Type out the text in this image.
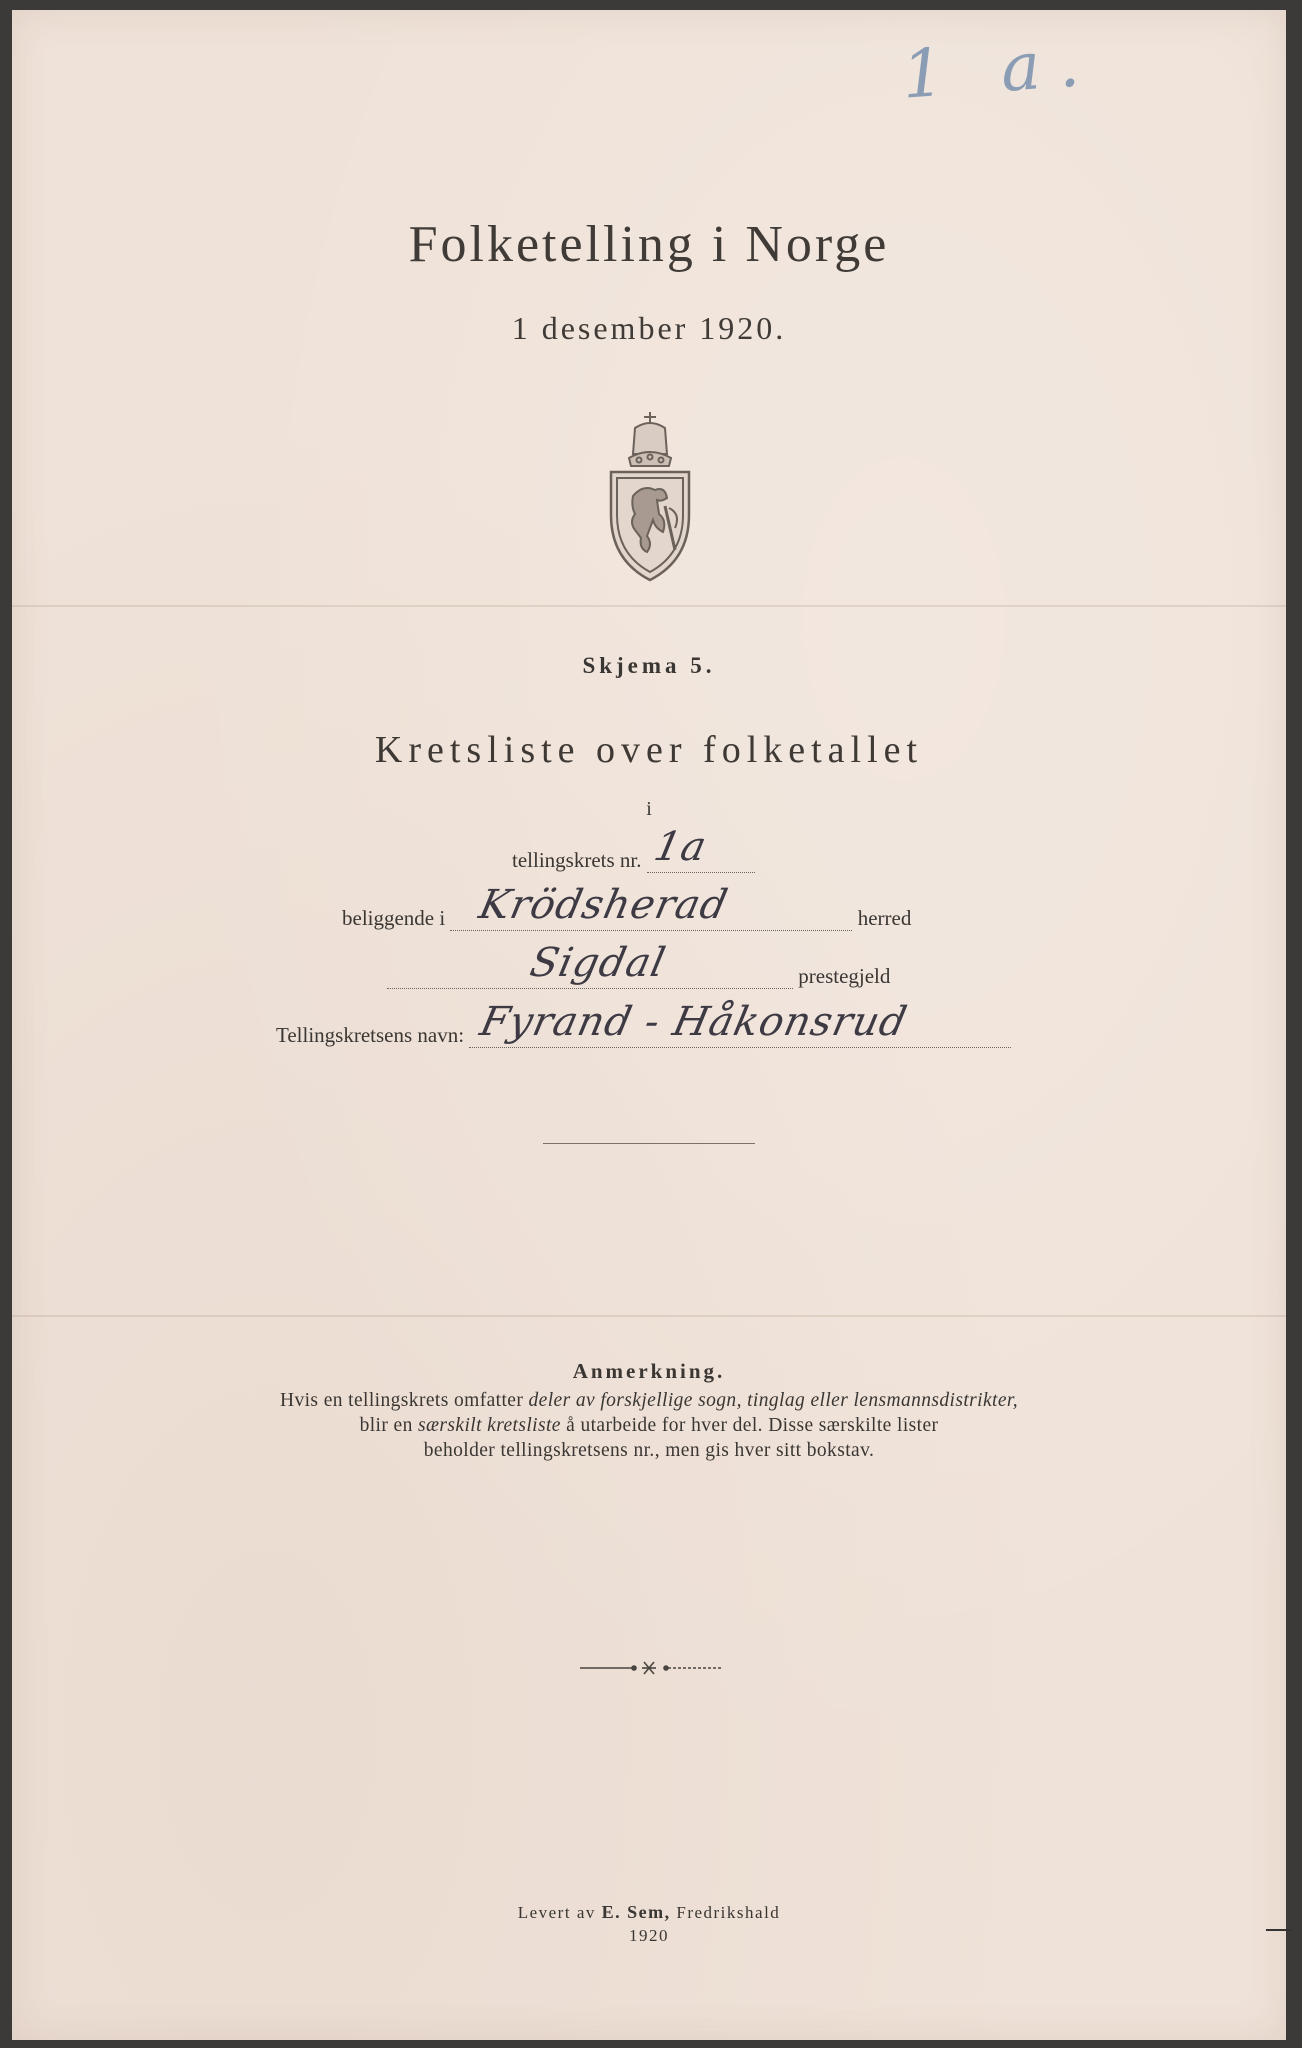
1 a.
Folketelling i Norge
1 desember 1920.
Skjema 5.
Kretsliste over folketallet
i
tellingskrets nr. 1a
beliggende i Krödsherad	herred
Sigdal	prestegjeld
Tellingskretsens navn: Fyrand - Håkonsrud
Anmerkning.
Hvis en tellingskrets omfatter deler av forskjellige sogn, tinglag eller lensmannsdistrikter,
blir en særskilt kretsliste å utarbeide for hver del. Disse særskilte lister
beholder tellingskretsens nr., men gis hver sitt bokstav.
Levert av E. Sem, Fredrikshald
1920
